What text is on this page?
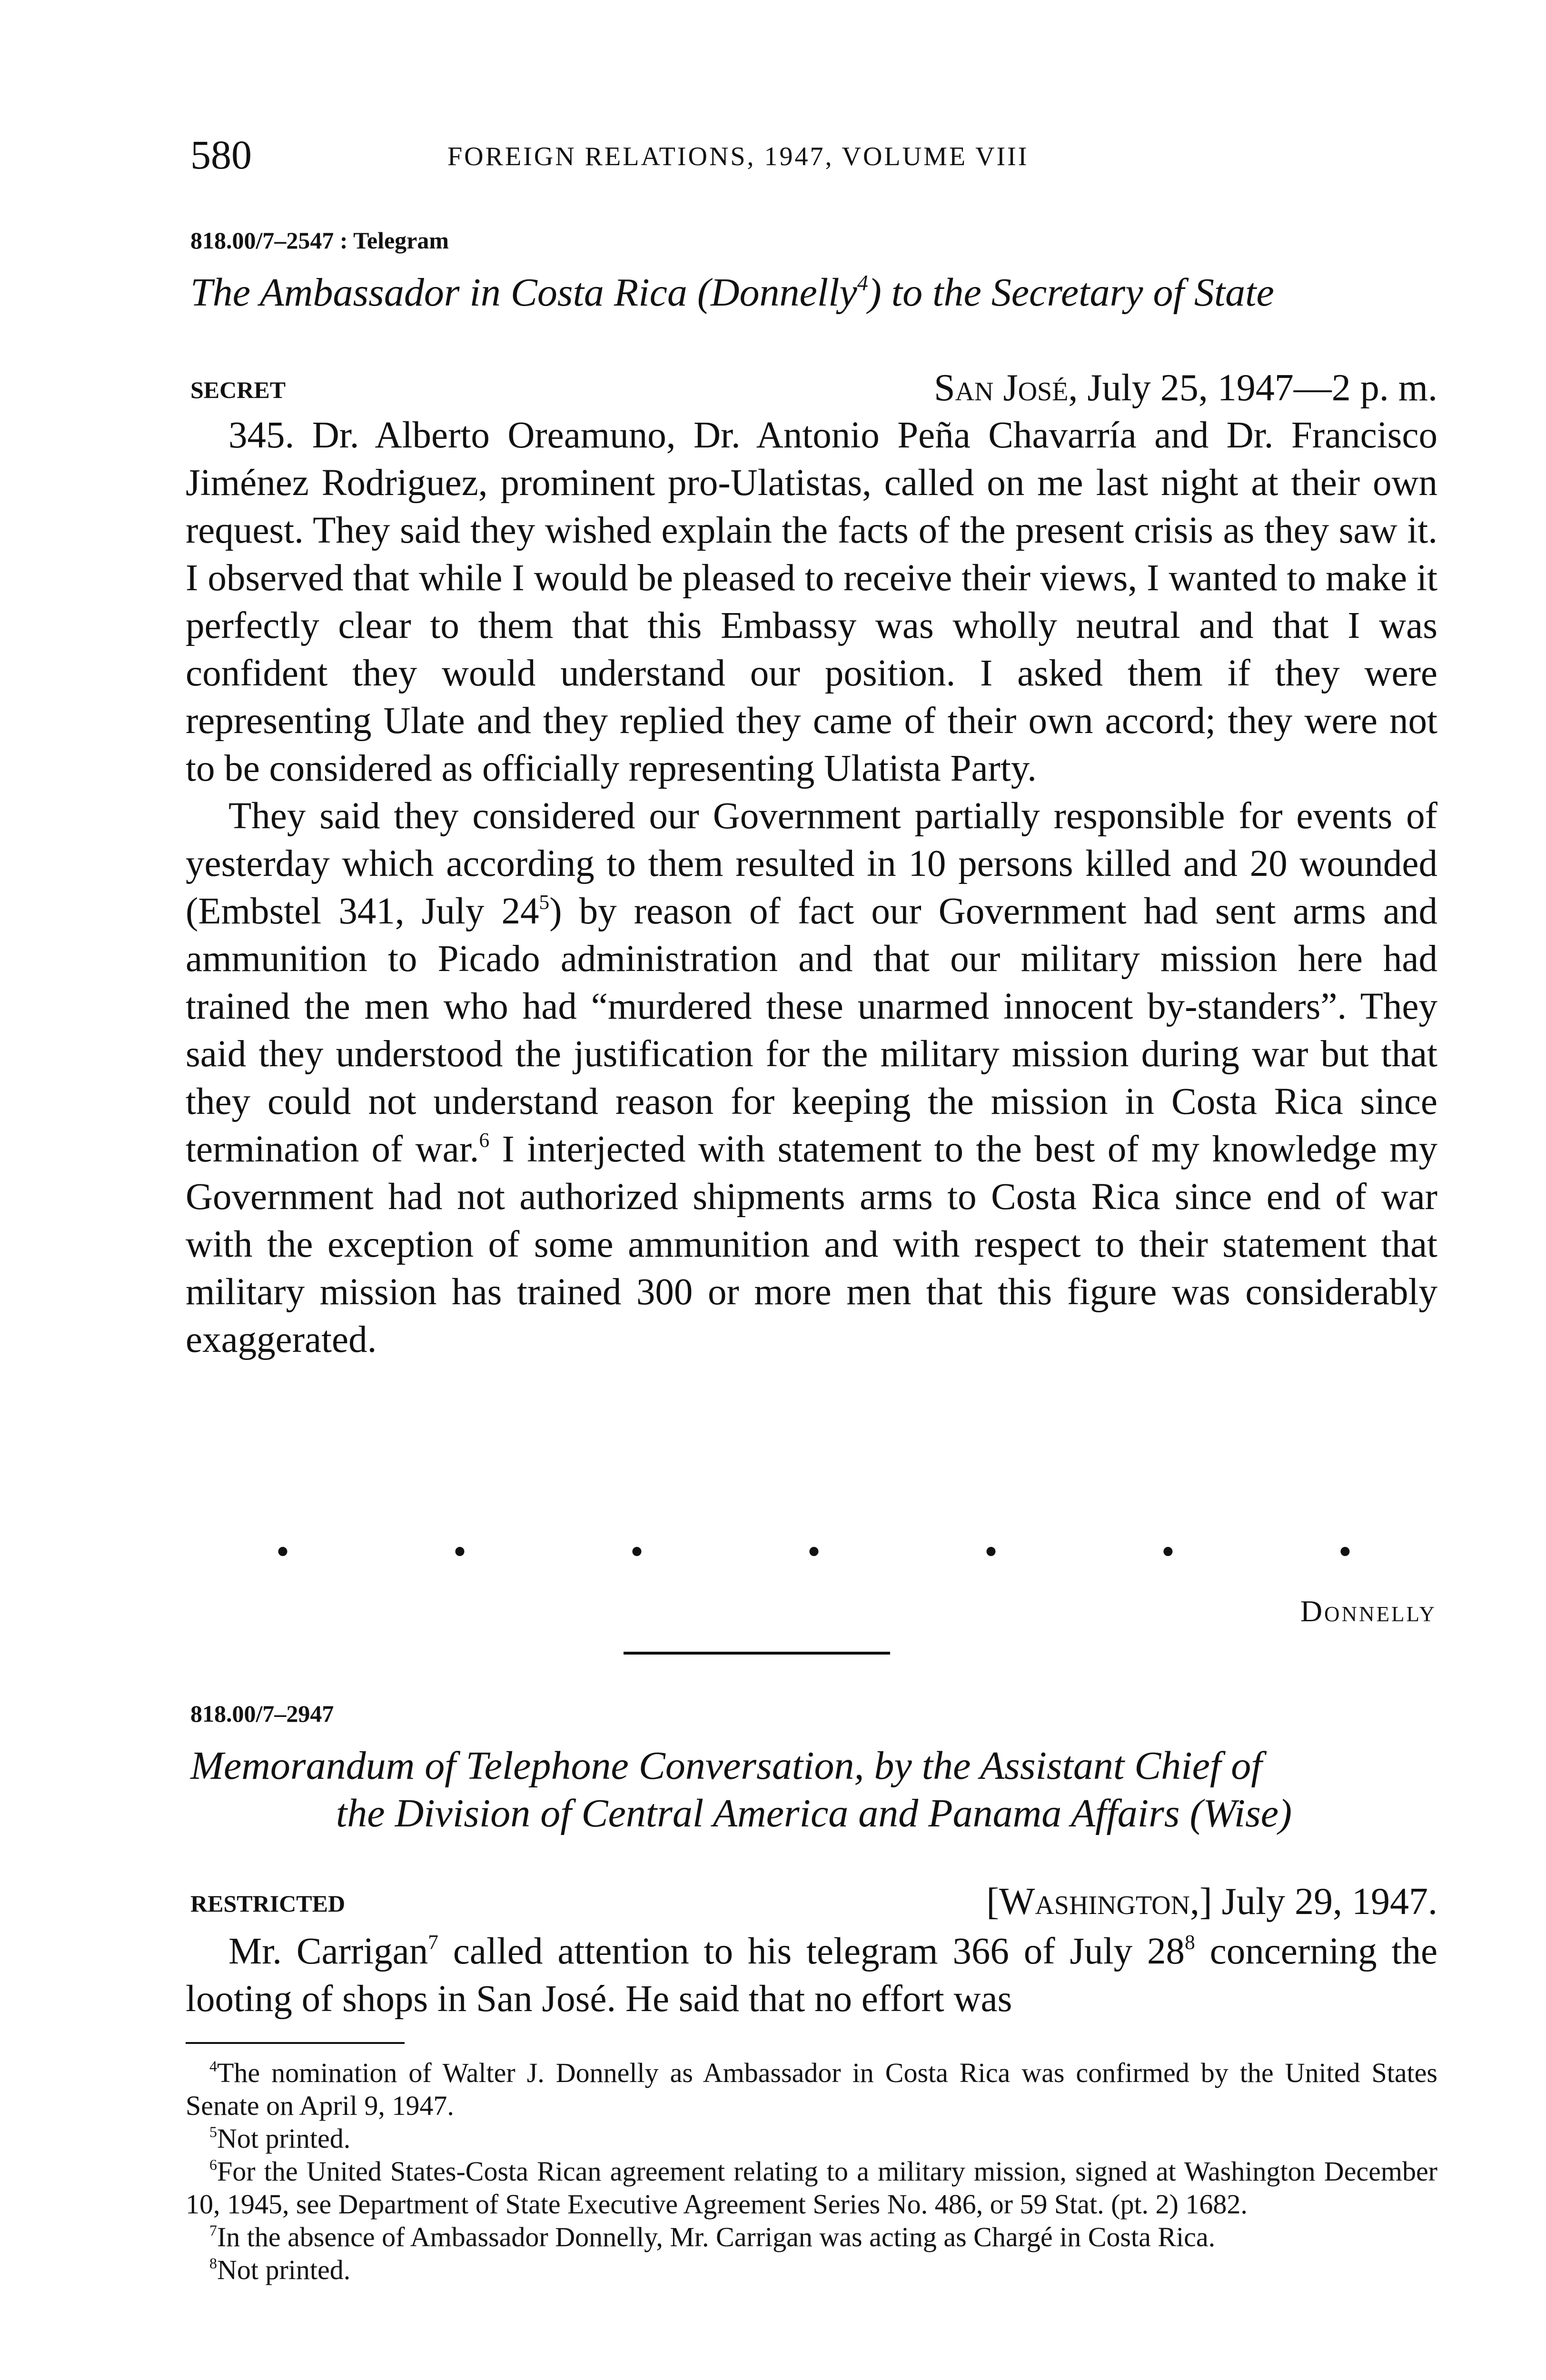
580	FOREIGN RELATIONS, 1947, VOLUME VIII
818.00/7–2547 : Telegram
The Ambassador in Costa Rica (Donnelly$^4$) to the Secretary of State
SECRET	San José, July 25, 1947—2 p. m.

345. Dr. Alberto Oreamuno, Dr. Antonio Peña Chavarría and Dr. Francisco Jiménez Rodriguez, prominent pro-Ulatistas, called on me last night at their own request. They said they wished explain the facts of the present crisis as they saw it. I observed that while I would be pleased to receive their views, I wanted to make it perfectly clear to them that this Embassy was wholly neutral and that I was confident they would understand our position. I asked them if they were representing Ulate and they replied they came of their own accord; they were not to be considered as officially representing Ulatista Party.

They said they considered our Government partially responsible for events of yesterday which according to them resulted in 10 persons killed and 20 wounded (Embstel 341, July $24^5$) by reason of fact our Government had sent arms and ammunition to Picado administration and that our military mission here had trained the men who had “murdered these unarmed innocent by-standers”. They said they understood the justification for the military mission during war but that they could not understand reason for keeping the mission in Costa Rica since termination of war.$^6$ I interjected with statement to the best of my knowledge my Government had not authorized shipments arms to Costa Rica since end of war with the exception of some ammunition and with respect to their statement that military mission has trained 300 or more men that this figure was considerably exaggerated.

•	•	•	•	•	•	•
Donnelly
818.00/7–2947
Memorandum of Telephone Conversation, by the Assistant Chief of
the Division of Central America and Panama Affairs (Wise)
RESTRICTED	[Washington,] July 29, 1947.

Mr. Carrigan$^7$ called attention to his telegram 366 of July $28^8$ concerning the looting of shops in San José. He said that no effort was

$^4$The nomination of Walter J. Donnelly as Ambassador in Costa Rica was confirmed by the United States Senate on April 9, 1947.

$^5$Not printed.

$^6$For the United States-Costa Rican agreement relating to a military mission, signed at Washington December 10, 1945, see Department of State Executive Agreement Series No. 486, or 59 Stat. (pt. 2) 1682.

$^7$In the absence of Ambassador Donnelly, Mr. Carrigan was acting as Chargé in Costa Rica.

$^8$Not printed.
